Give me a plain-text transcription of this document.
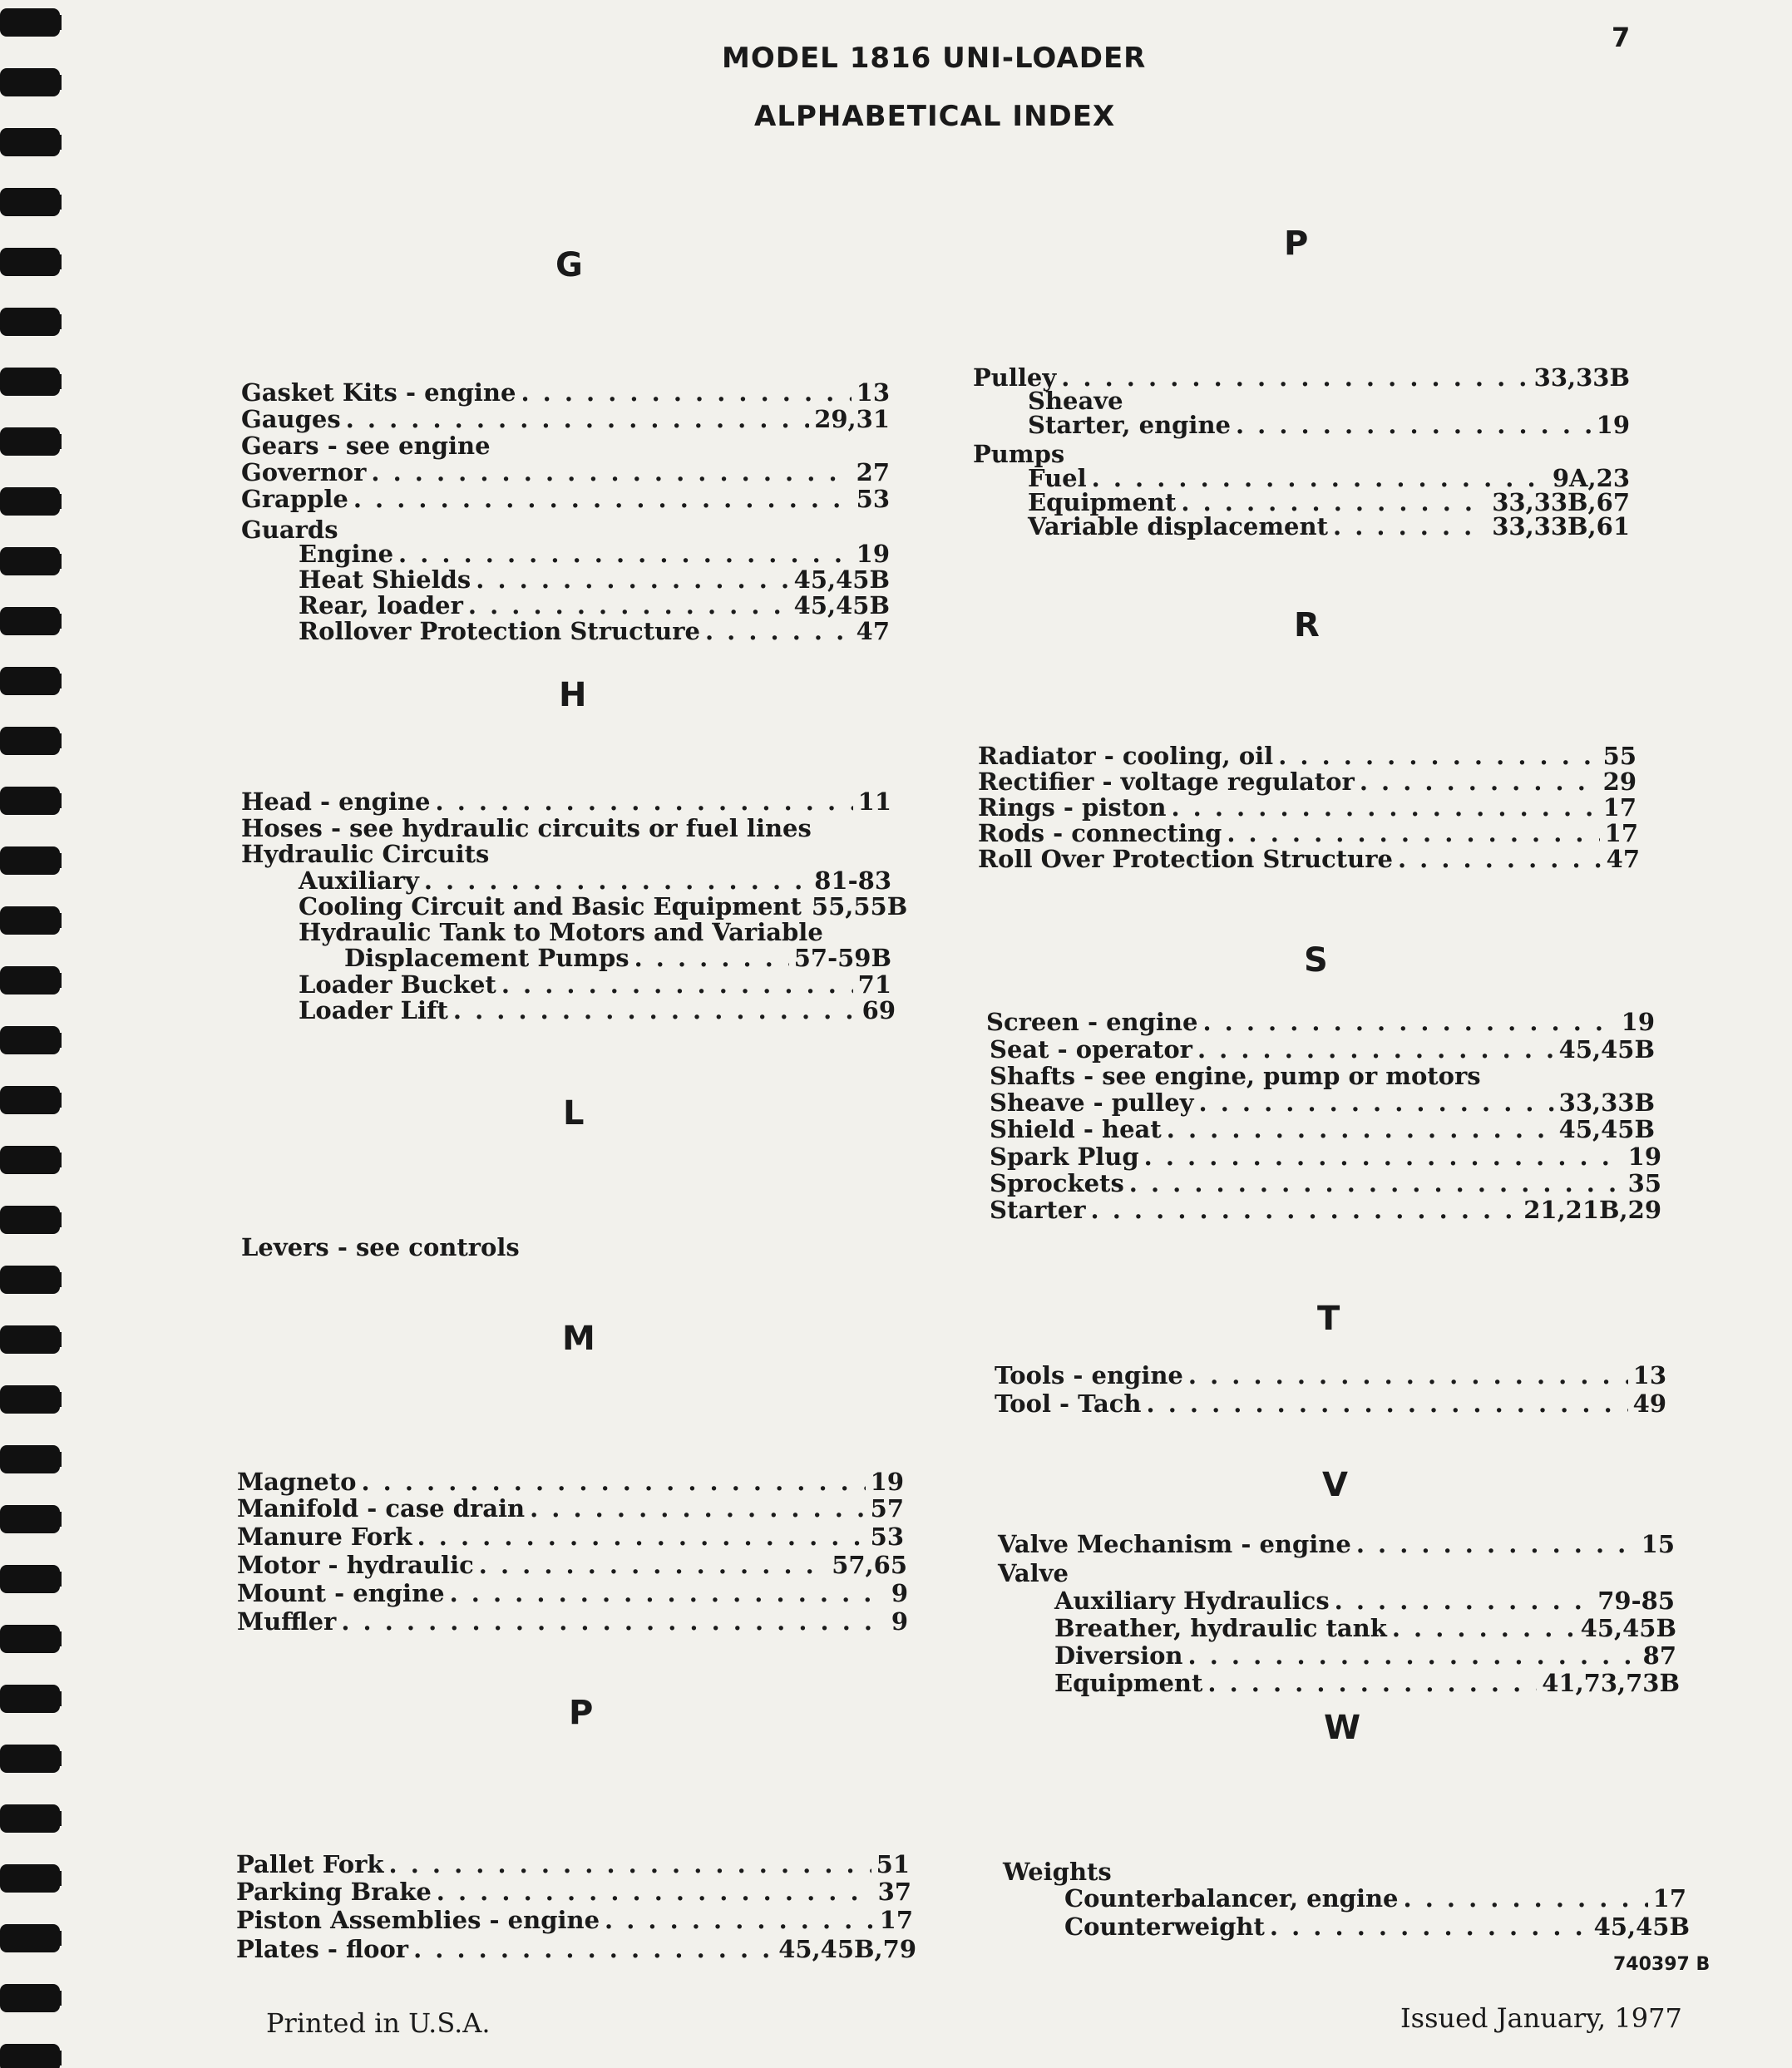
MODEL 1816 UNI-LOADER
ALPHABETICAL INDEX
7
G
Gasket Kits - engine . . .	13
Gauges . . .	29,31
Gears - see engine
Governor . . .	27
Grapple . . .	53
Guards
Engine . . .	19
Heat Shields . . .	45,45B
Rear, loader . . .	45,45B
Rollover Protection Structure . . .	47
H
Head - engine . . .	11
Hoses - see hydraulic circuits or fuel lines
Hydraulic Circuits
Auxiliary . . .	81-83
Cooling Circuit and Basic Equipment 55,55B
Hydraulic Tank to Motors and Variable
Displacement Pumps . . .	57-59B
Loader Bucket . . .	71
Loader Lift . . .	69
L
Levers - see controls
M
Magneto . . .	19
Manifold - case drain . . .	57
Manure Fork . . .	53
Motor - hydraulic . . .	57,65
Mount - engine . . .	9
Muffler . . .	9
P
Pallet Fork . . .	51
Parking Brake . . .	37
Piston Assemblies - engine . . .	17
Plates - floor . . .	45,45B,79
P
Pulley . . .	33,33B
Sheave
Starter, engine . . .	19
Pumps
Fuel . . .	9A,23
Equipment . . .	33,33B,67
Variable displacement . . .	33,33B,61
R
Radiator - cooling, oil . . .	55
Rectifier - voltage regulator . . .	29
Rings - piston . . .	17
Rods - connecting . . .	17
Roll Over Protection Structure . . .	47
S
Screen - engine . . .	19
Seat - operator . . .	45,45B
Shafts - see engine, pump or motors
Sheave - pulley . . .	33,33B
Shield - heat . . .	45,45B
Spark Plug . . .	19
Sprockets . . .	35
Starter . . .	21,21B,29
T
Tools - engine . . .	13
Tool - Tach . . .	49
V
Valve Mechanism - engine . . .	15
Valve
Auxiliary Hydraulics . . .	79-85
Breather, hydraulic tank . . .	45,45B
Diversion . . .	87
Equipment . . .	41,73,73B
W
Weights
Counterbalancer, engine . . .	17
Counterweight . . .	45,45B
740397 B
Printed in U.S.A.	Issued January, 1977
